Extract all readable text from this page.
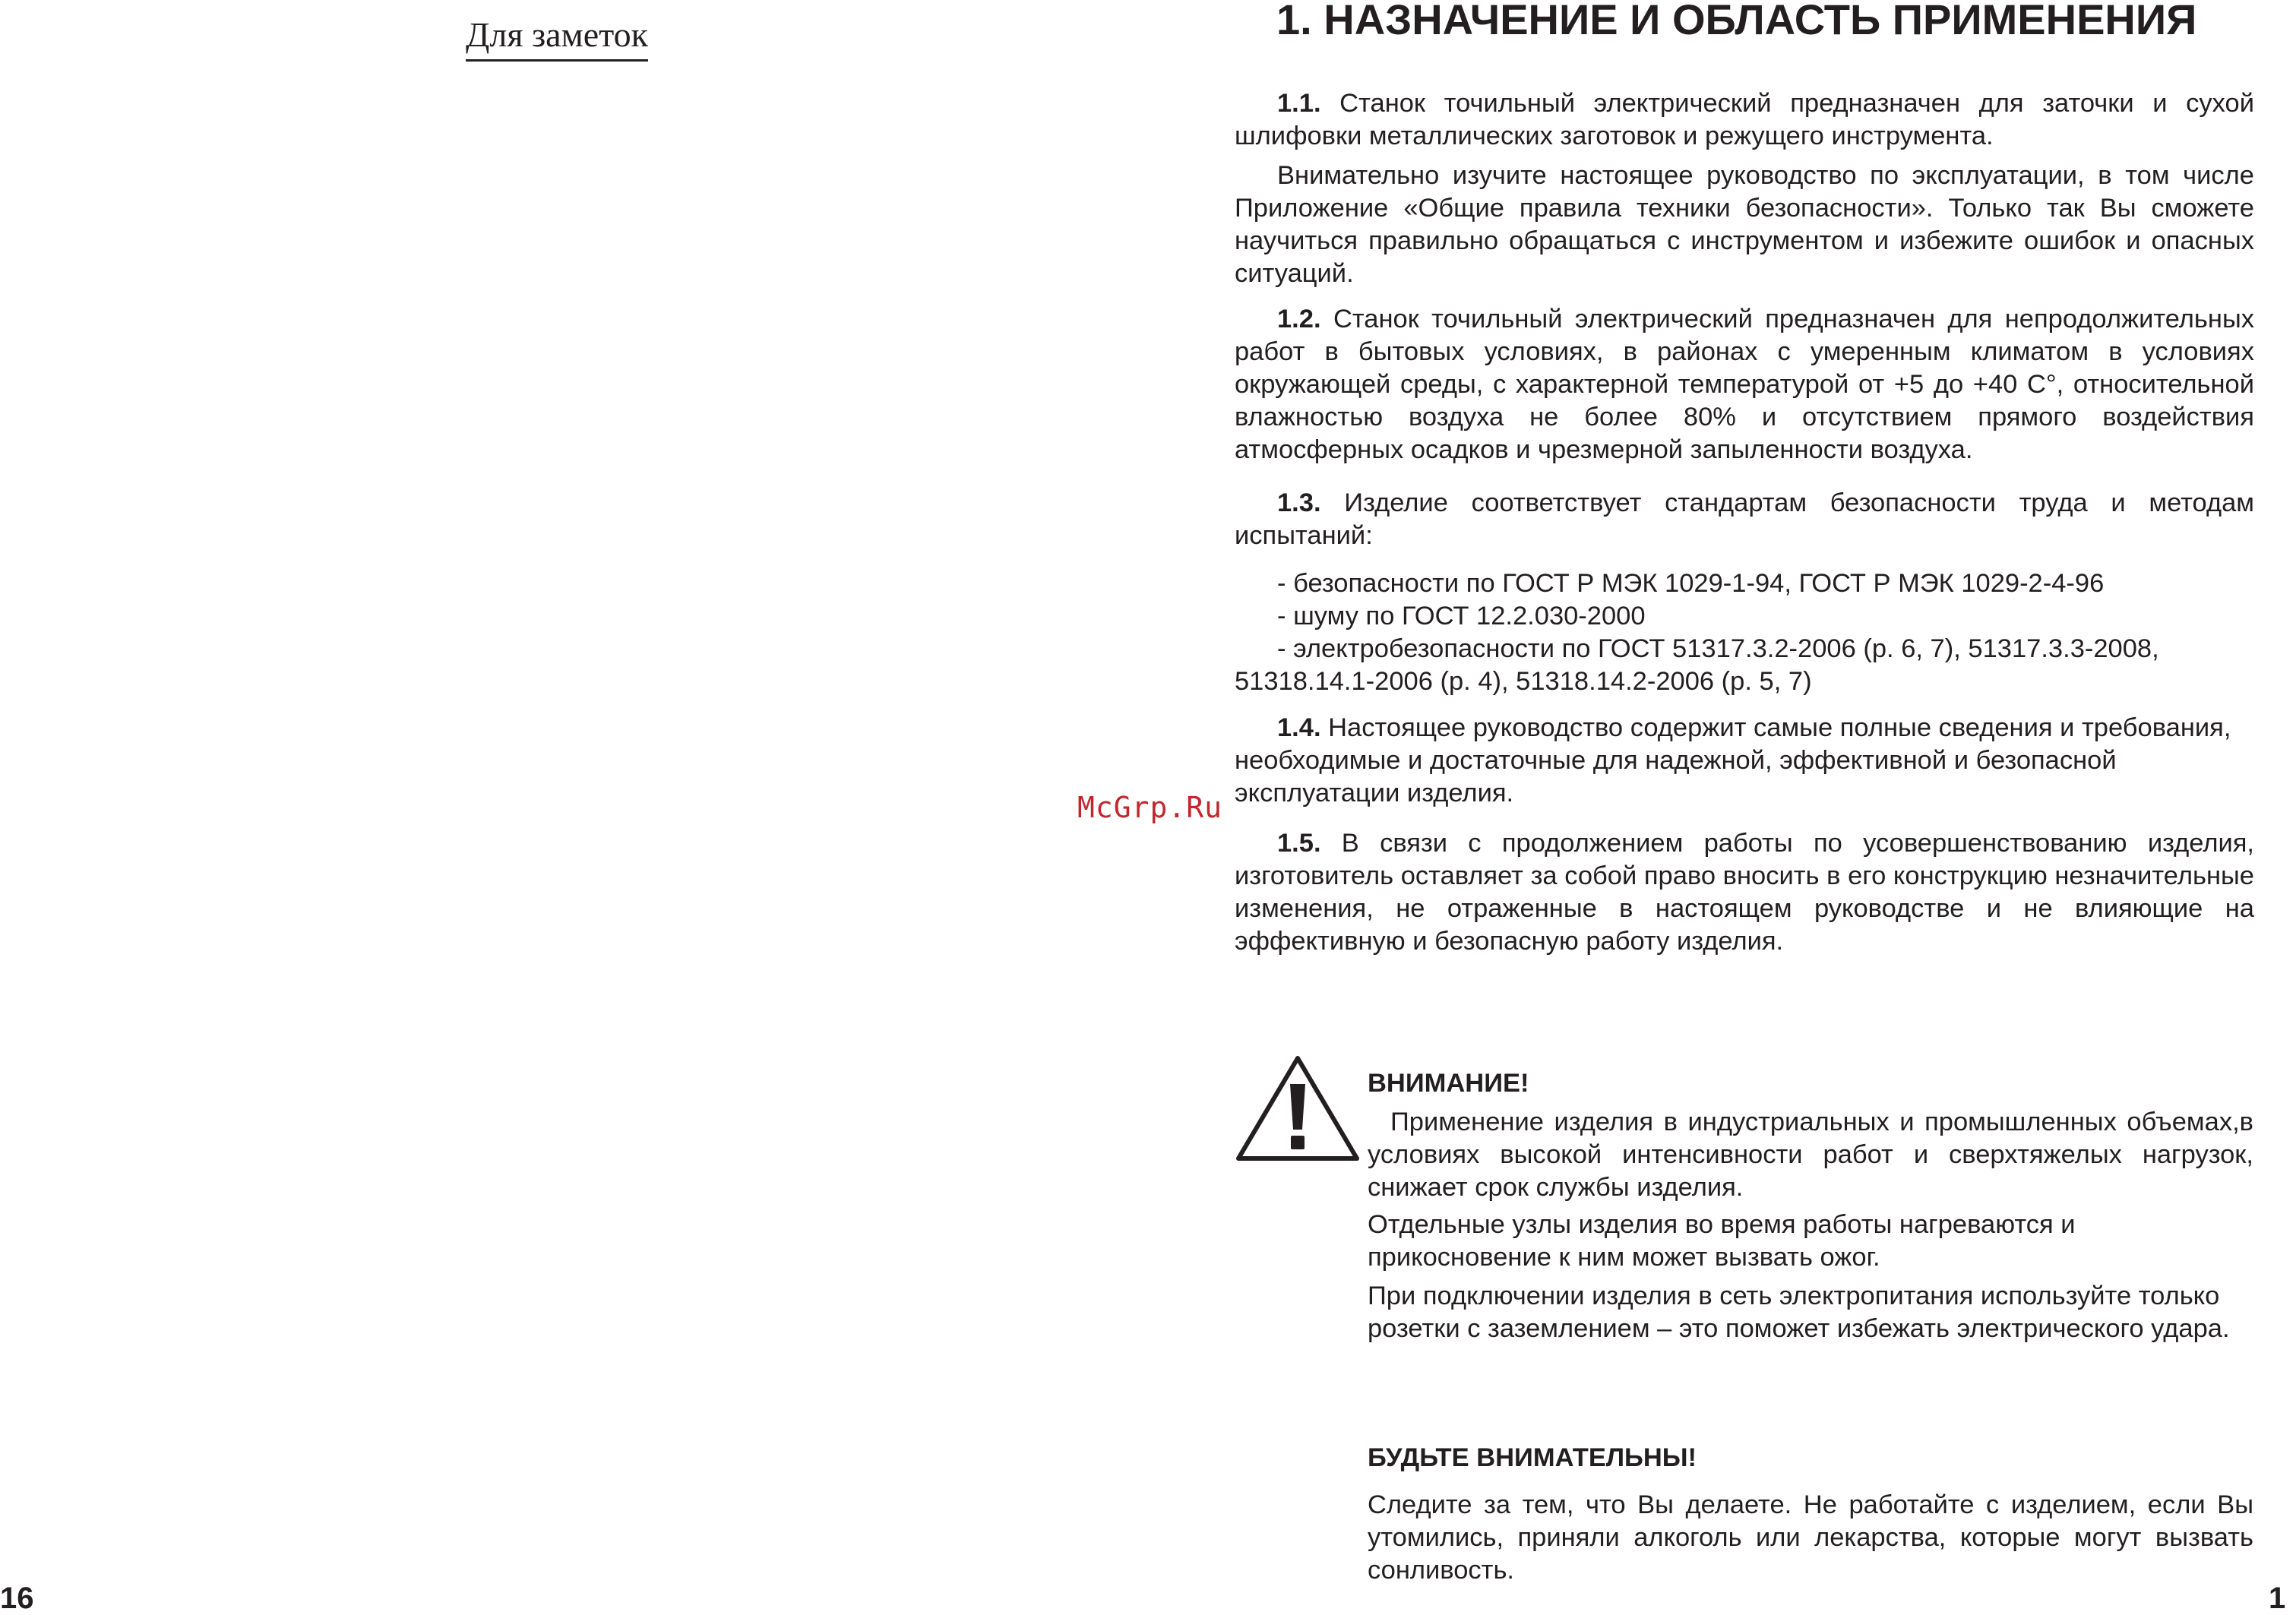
Для заметок
16
McGrp.Ru
1. НАЗНАЧЕНИЕ И ОБЛАСТЬ ПРИМЕНЕНИЯ

1.1. Станок точильный электрический предназначен для заточки и сухой шлифовки металлических заготовок и режущего инструмента.

Внимательно изучите настоящее руководство по эксплуатации, в том числе Приложение «Общие правила техники безопасности». Только так Вы сможете научиться правильно обращаться с инструментом и избежите ошибок и опасных ситуаций.

1.2. Станок точильный электрический предназначен для непродолжительных работ в бытовых условиях, в районах с умеренным климатом в условиях окружающей среды, с характерной температурой от +5 до +40 С°, относительной влажностью воздуха не более 80% и отсутствием прямого воздействия атмосферных осадков и чрезмерной запыленности воздуха.

1.3. Изделие соответствует стандартам безопасности труда и методам испытаний:

- безопасности по ГОСТ Р МЭК 1029-1-94, ГОСТ Р МЭК 1029-2-4-96
- шуму по ГОСТ 12.2.030-2000
- электробезопасности по ГОСТ 51317.3.2-2006 (р. 6, 7), 51317.3.3-2008, 51318.14.1-2006 (р. 4), 51318.14.2-2006 (р. 5, 7)

1.4. Настоящее руководство содержит самые полные сведения и требования, необходимые и достаточные для надежной, эффективной и безопасной эксплуатации изделия.

1.5. В связи с продолжением работы по усовершенствованию изделия, изготовитель оставляет за собой право вносить в его конструкцию незначительные изменения, не отраженные в настоящем руководстве и не влияющие на эффективную и безопасную работу изделия.

ВНИМАНИЕ!

Применение изделия в индустриальных и промышленных объемах,в условиях высокой интенсивности работ и сверхтяжелых нагрузок, снижает срок службы изделия.

Отдельные узлы изделия во время работы нагреваются и прикосновение к ним может вызвать ожог.

При подключении изделия в сеть электропитания используйте только розетки с заземлением – это поможет избежать электрического удара.

БУДЬТЕ ВНИМАТЕЛЬНЫ!

Следите за тем, что Вы делаете. Не работайте с изделием, если Вы утомились, приняли алкоголь или лекарства, которые могут вызвать сонливость.

1
